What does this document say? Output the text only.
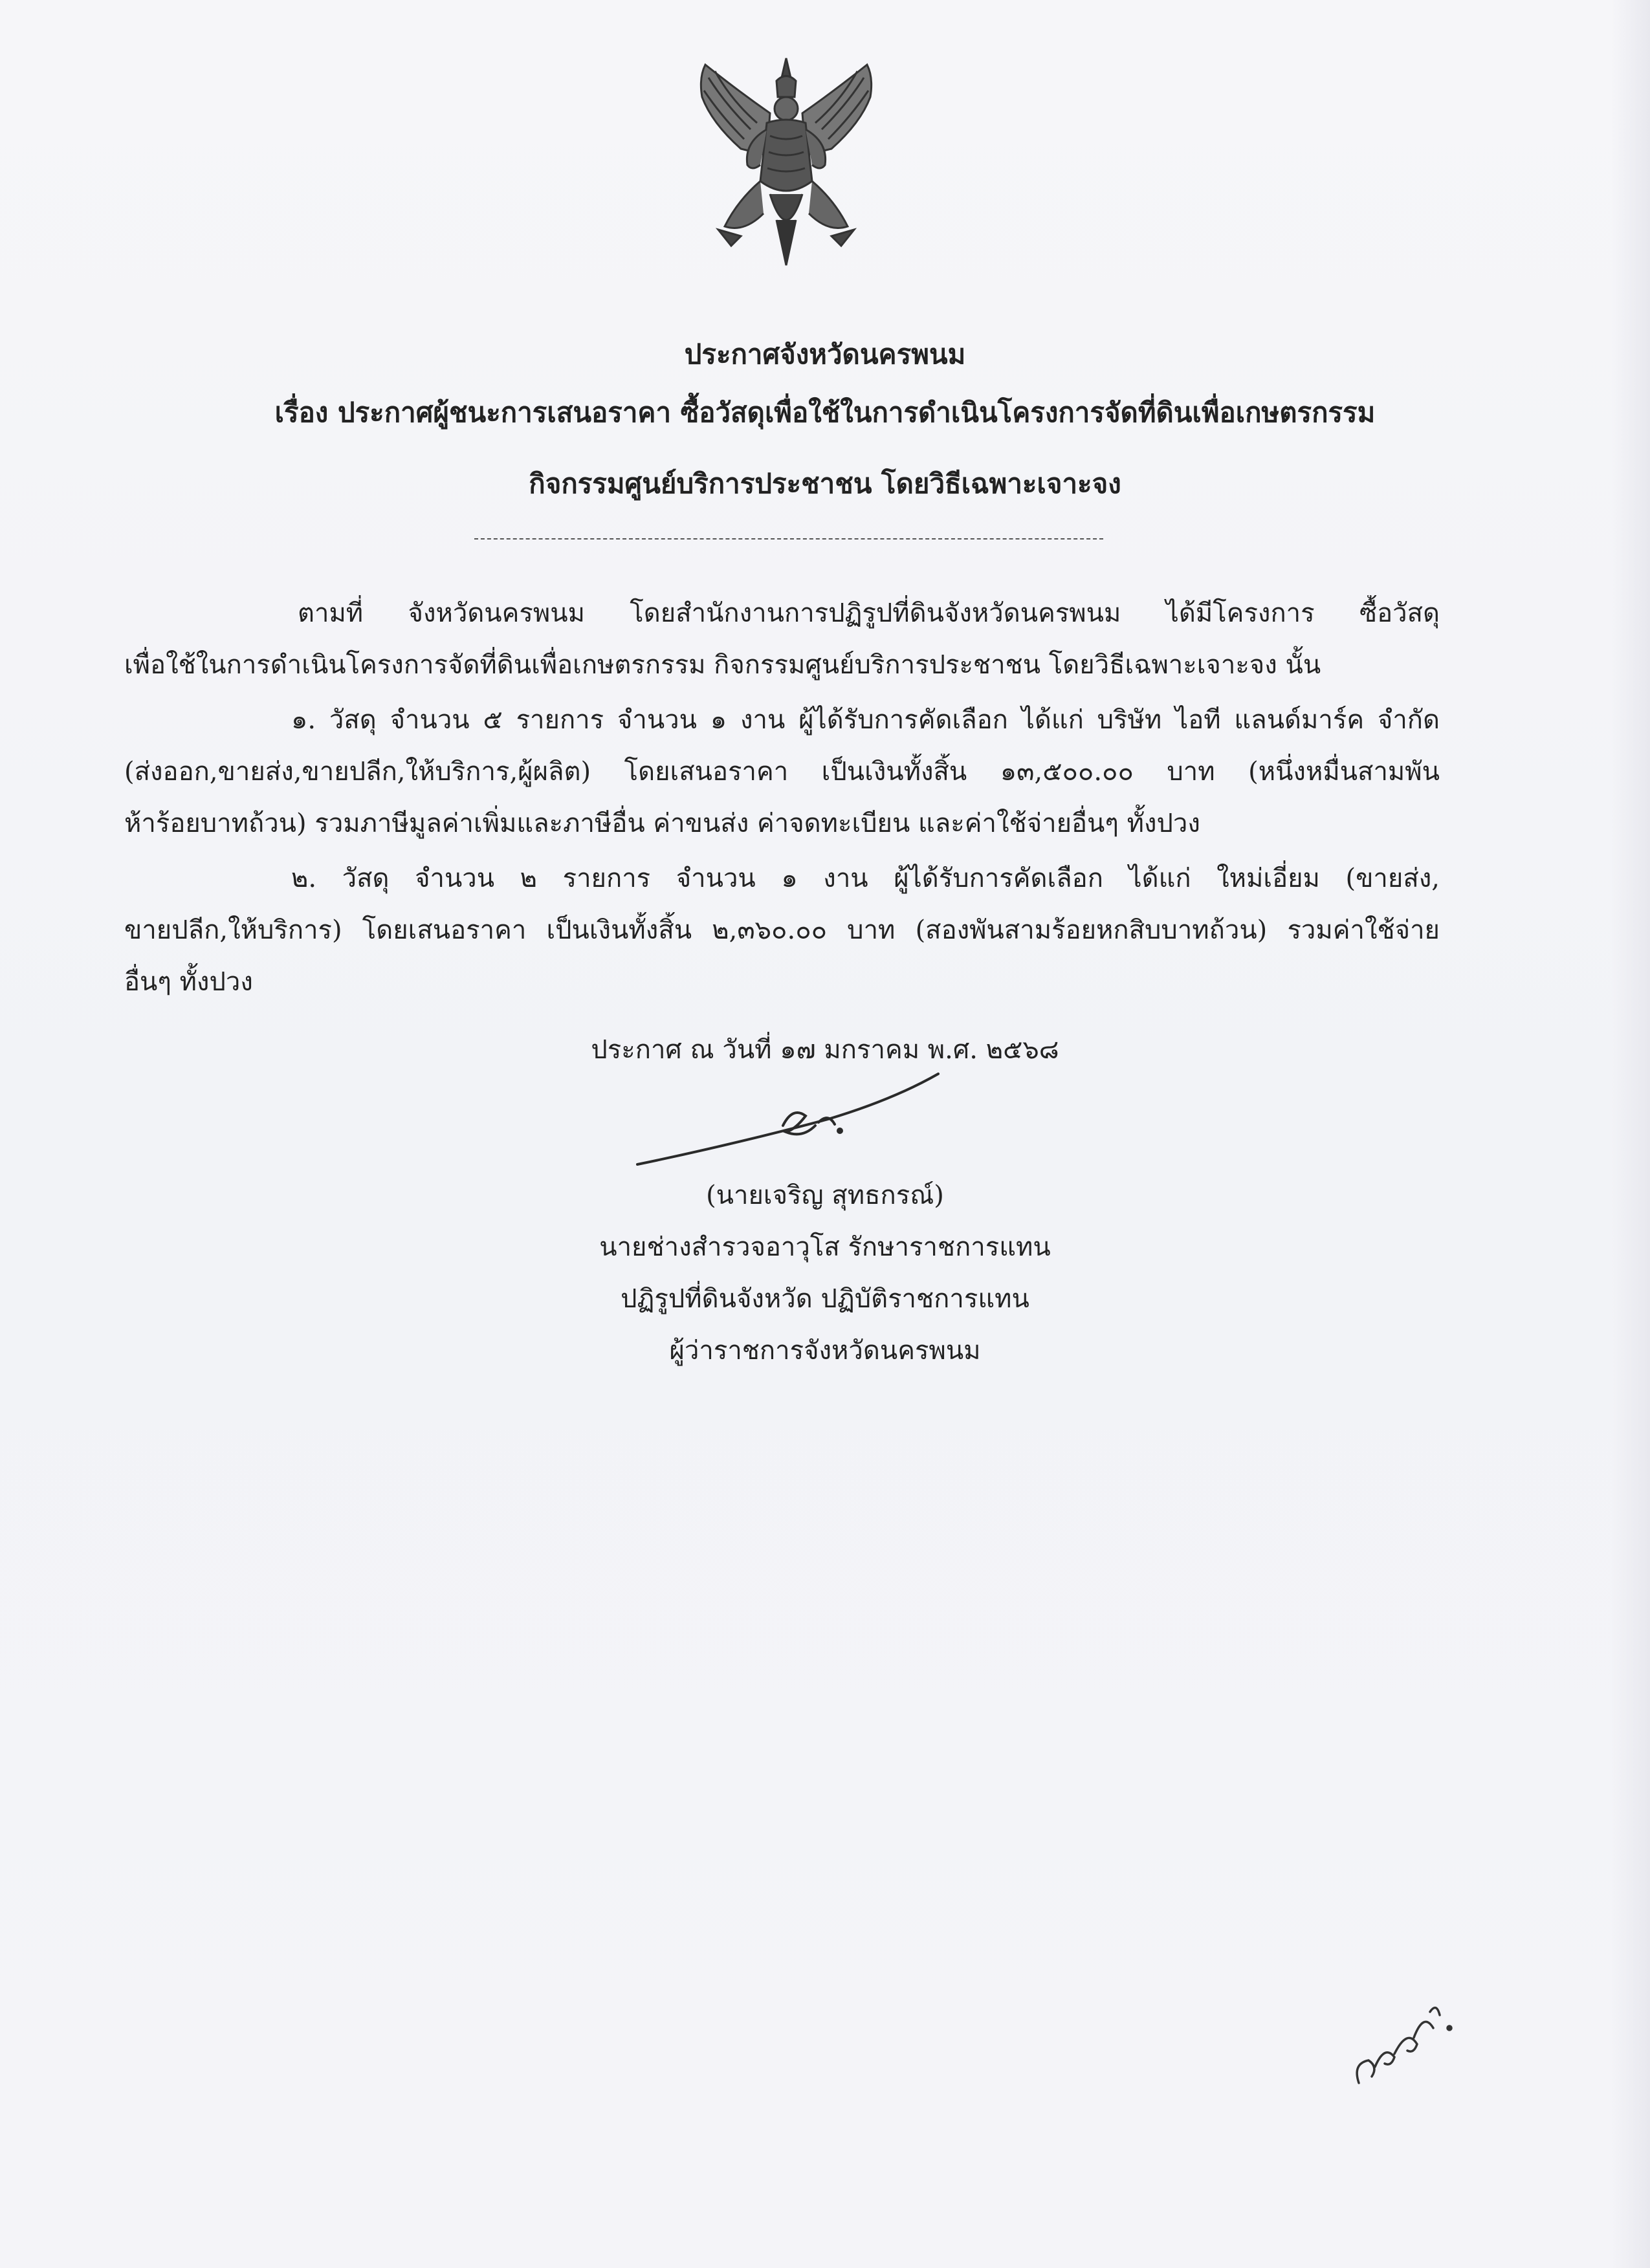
ประกาศจังหวัดนครพนม
เรื่อง ประกาศผู้ชนะการเสนอราคา ซื้อวัสดุเพื่อใช้ในการดำเนินโครงการจัดที่ดินเพื่อเกษตรกรรม
กิจกรรมศูนย์บริการประชาชน โดยวิธีเฉพาะเจาะจง
ตามที่ จังหวัดนครพนม โดยสำนักงานการปฏิรูปที่ดินจังหวัดนครพนม ได้มีโครงการ ซื้อวัสดุ
เพื่อใช้ในการดำเนินโครงการจัดที่ดินเพื่อเกษตรกรรม กิจกรรมศูนย์บริการประชาชน โดยวิธีเฉพาะเจาะจง นั้น
๑. วัสดุ จำนวน ๕ รายการ จำนวน ๑ งาน ผู้ได้รับการคัดเลือก ได้แก่ บริษัท ไอที แลนด์มาร์ค จำกัด
(ส่งออก,ขายส่ง,ขายปลีก,ให้บริการ,ผู้ผลิต) โดยเสนอราคา เป็นเงินทั้งสิ้น ๑๓,๕๐๐.๐๐ บาท (หนึ่งหมื่นสามพัน
ห้าร้อยบาทถ้วน) รวมภาษีมูลค่าเพิ่มและภาษีอื่น ค่าขนส่ง ค่าจดทะเบียน และค่าใช้จ่ายอื่นๆ ทั้งปวง
๒. วัสดุ จำนวน ๒ รายการ จำนวน ๑ งาน ผู้ได้รับการคัดเลือก ได้แก่ ใหม่เอี่ยม (ขายส่ง,
ขายปลีก,ให้บริการ) โดยเสนอราคา เป็นเงินทั้งสิ้น ๒,๓๖๐.๐๐ บาท (สองพันสามร้อยหกสิบบาทถ้วน) รวมค่าใช้จ่าย
อื่นๆ ทั้งปวง
ประกาศ ณ วันที่ ๑๗ มกราคม พ.ศ. ๒๕๖๘
(นายเจริญ สุทธกรณ์)
นายช่างสำรวจอาวุโส รักษาราชการแทน
ปฏิรูปที่ดินจังหวัด ปฏิบัติราชการแทน
ผู้ว่าราชการจังหวัดนครพนม
